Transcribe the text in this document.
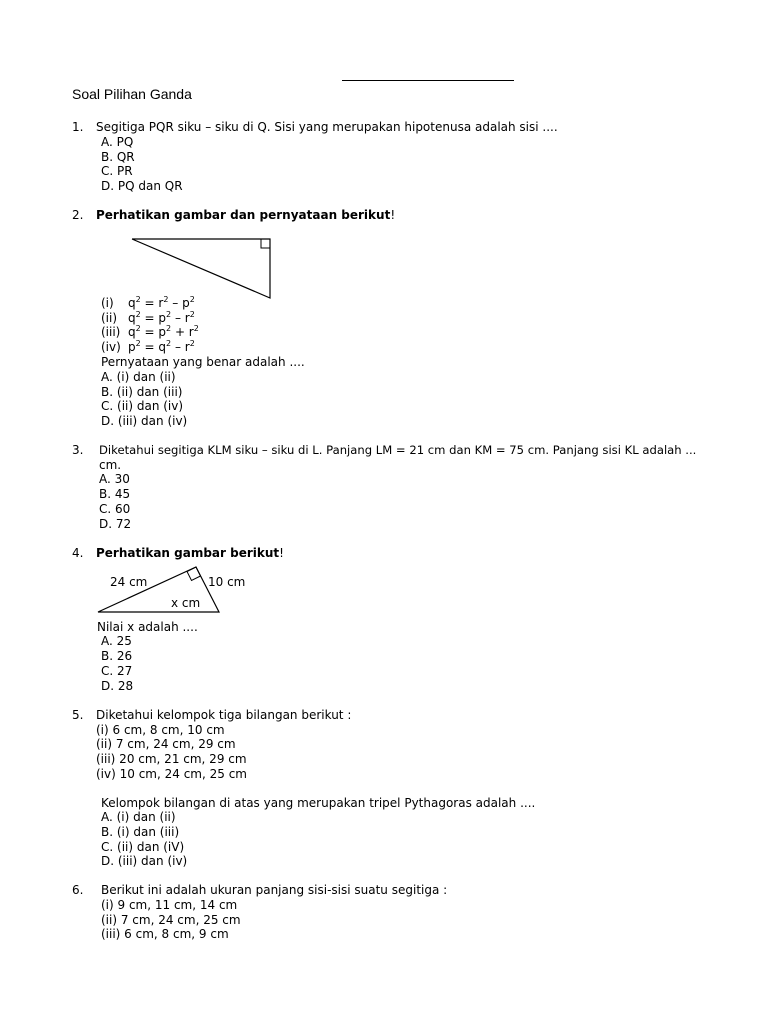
Soal Pilihan Ganda
1. Segitiga PQR siku – siku di Q. Sisi yang merupakan hipotenusa adalah sisi ....
A. PQ
B. QR
C. PR
D. PQ dan QR
2. Perhatikan gambar dan pernyataan berikut!
(i) $q^2 = r^2 - p^2$
(ii) $q^2 = p^2 - r^2$
(iii) $q^2 = p^2 + r^2$
(iv) $p^2 = q^2 - r^2$
Pernyataan yang benar adalah ....
A. (i) dan (ii)
B. (ii) dan (iii)
C. (ii) dan (iv)
D. (iii) dan (iv)
3. Diketahui segitiga KLM siku – siku di L. Panjang LM = 21 cm dan KM = 75 cm. Panjang sisi KL adalah ...
cm.
A. 30
B. 45
C. 60
D. 72
4. Perhatikan gambar berikut!
24 cm	10 cm
x cm
Nilai x adalah ....
A. 25
B. 26
C. 27
D. 28
5. Diketahui kelompok tiga bilangan berikut :
(i) 6 cm, 8 cm, 10 cm
(ii) 7 cm, 24 cm, 29 cm
(iii) 20 cm, 21 cm, 29 cm
(iv) 10 cm, 24 cm, 25 cm
Kelompok bilangan di atas yang merupakan tripel Pythagoras adalah ....
A. (i) dan (ii)
B. (i) dan (iii)
C. (ii) dan (iV)
D. (iii) dan (iv)
6. Berikut ini adalah ukuran panjang sisi-sisi suatu segitiga :
(i) 9 cm, 11 cm, 14 cm
(ii) 7 cm, 24 cm, 25 cm
(iii) 6 cm, 8 cm, 9 cm
